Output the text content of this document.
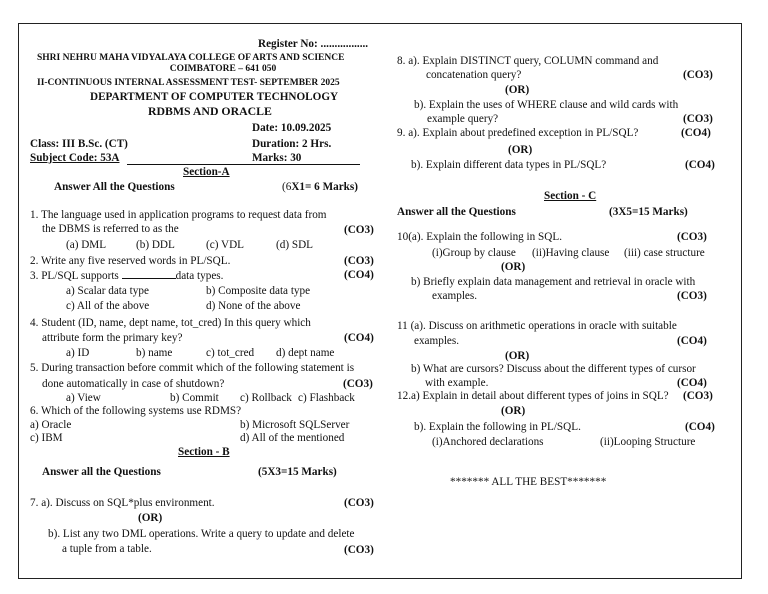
Register No: .................
SHRI NEHRU MAHA VIDYALAYA COLLEGE OF ARTS AND SCIENCE
COIMBATORE – 641 050
II-CONTINUOUS INTERNAL ASSESSMENT TEST- SEPTEMBER 2025
DEPARTMENT OF COMPUTER TECHNOLOGY
RDBMS AND ORACLE
Date: 10.09.2025
Class: III B.Sc. (CT)	Duration: 2 Hrs.
Subject Code: 53A	Marks: 30
Section-A
Answer All the Questions	(6X1= 6 Marks)
1. The language used in application programs to request data from
the DBMS is referred to as the	(CO3)
(a) DML	(b) DDL	(c) VDL	(d) SDL
2. Write any five reserved words in PL/SQL.	(CO3)
3. PL/SQL supports	data types.	(CO4)
a) Scalar data type	b) Composite data type
c) All of the above	d) None of the above
4. Student (ID, name, dept name, tot_cred) In this query which
attribute form the primary key?	(CO4)
a) ID	b) name	c) tot_cred d) dept name
5. During transaction before commit which of the following statement is
done automatically in case of shutdown?	(CO3)
a) View	b) Commit c) Rollback c) Flashback
6. Which of the following systems use RDMS?
a) Oracle	b) Microsoft SQLServer
c) IBM	d) All of the mentioned
Section - B
Answer all the Questions	(5X3=15 Marks)
7. a). Discuss on SQL*plus environment.	(CO3)
(OR)
b). List any two DML operations. Write a query to update and delete
a tuple from a table.	(CO3)
8. a). Explain DISTINCT query, COLUMN command and
concatenation query?	(CO3)
(OR)
b). Explain the uses of WHERE clause and wild cards with
example query?	(CO3)
9. a). Explain about predefined exception in PL/SQL?	(CO4)
(OR)
b). Explain different data types in PL/SQL?	(CO4)
Section - C
Answer all the Questions	(3X5=15 Marks)
10(a). Explain the following in SQL.	(CO3)
(i)Group by clause (ii)Having clause (iii) case structure
(OR)
b) Briefly explain data management and retrieval in oracle with
examples.	(CO3)
11 (a). Discuss on arithmetic operations in oracle with suitable
examples.	(CO4)
(OR)
b) What are cursors? Discuss about the different types of cursor
with example.	(CO4)
12.a) Explain in detail about different types of joins in SQL? (CO3)
(OR)
b). Explain the following in PL/SQL.	(CO4)
(i)Anchored declarations	(ii)Looping Structure
******* ALL THE BEST*******
